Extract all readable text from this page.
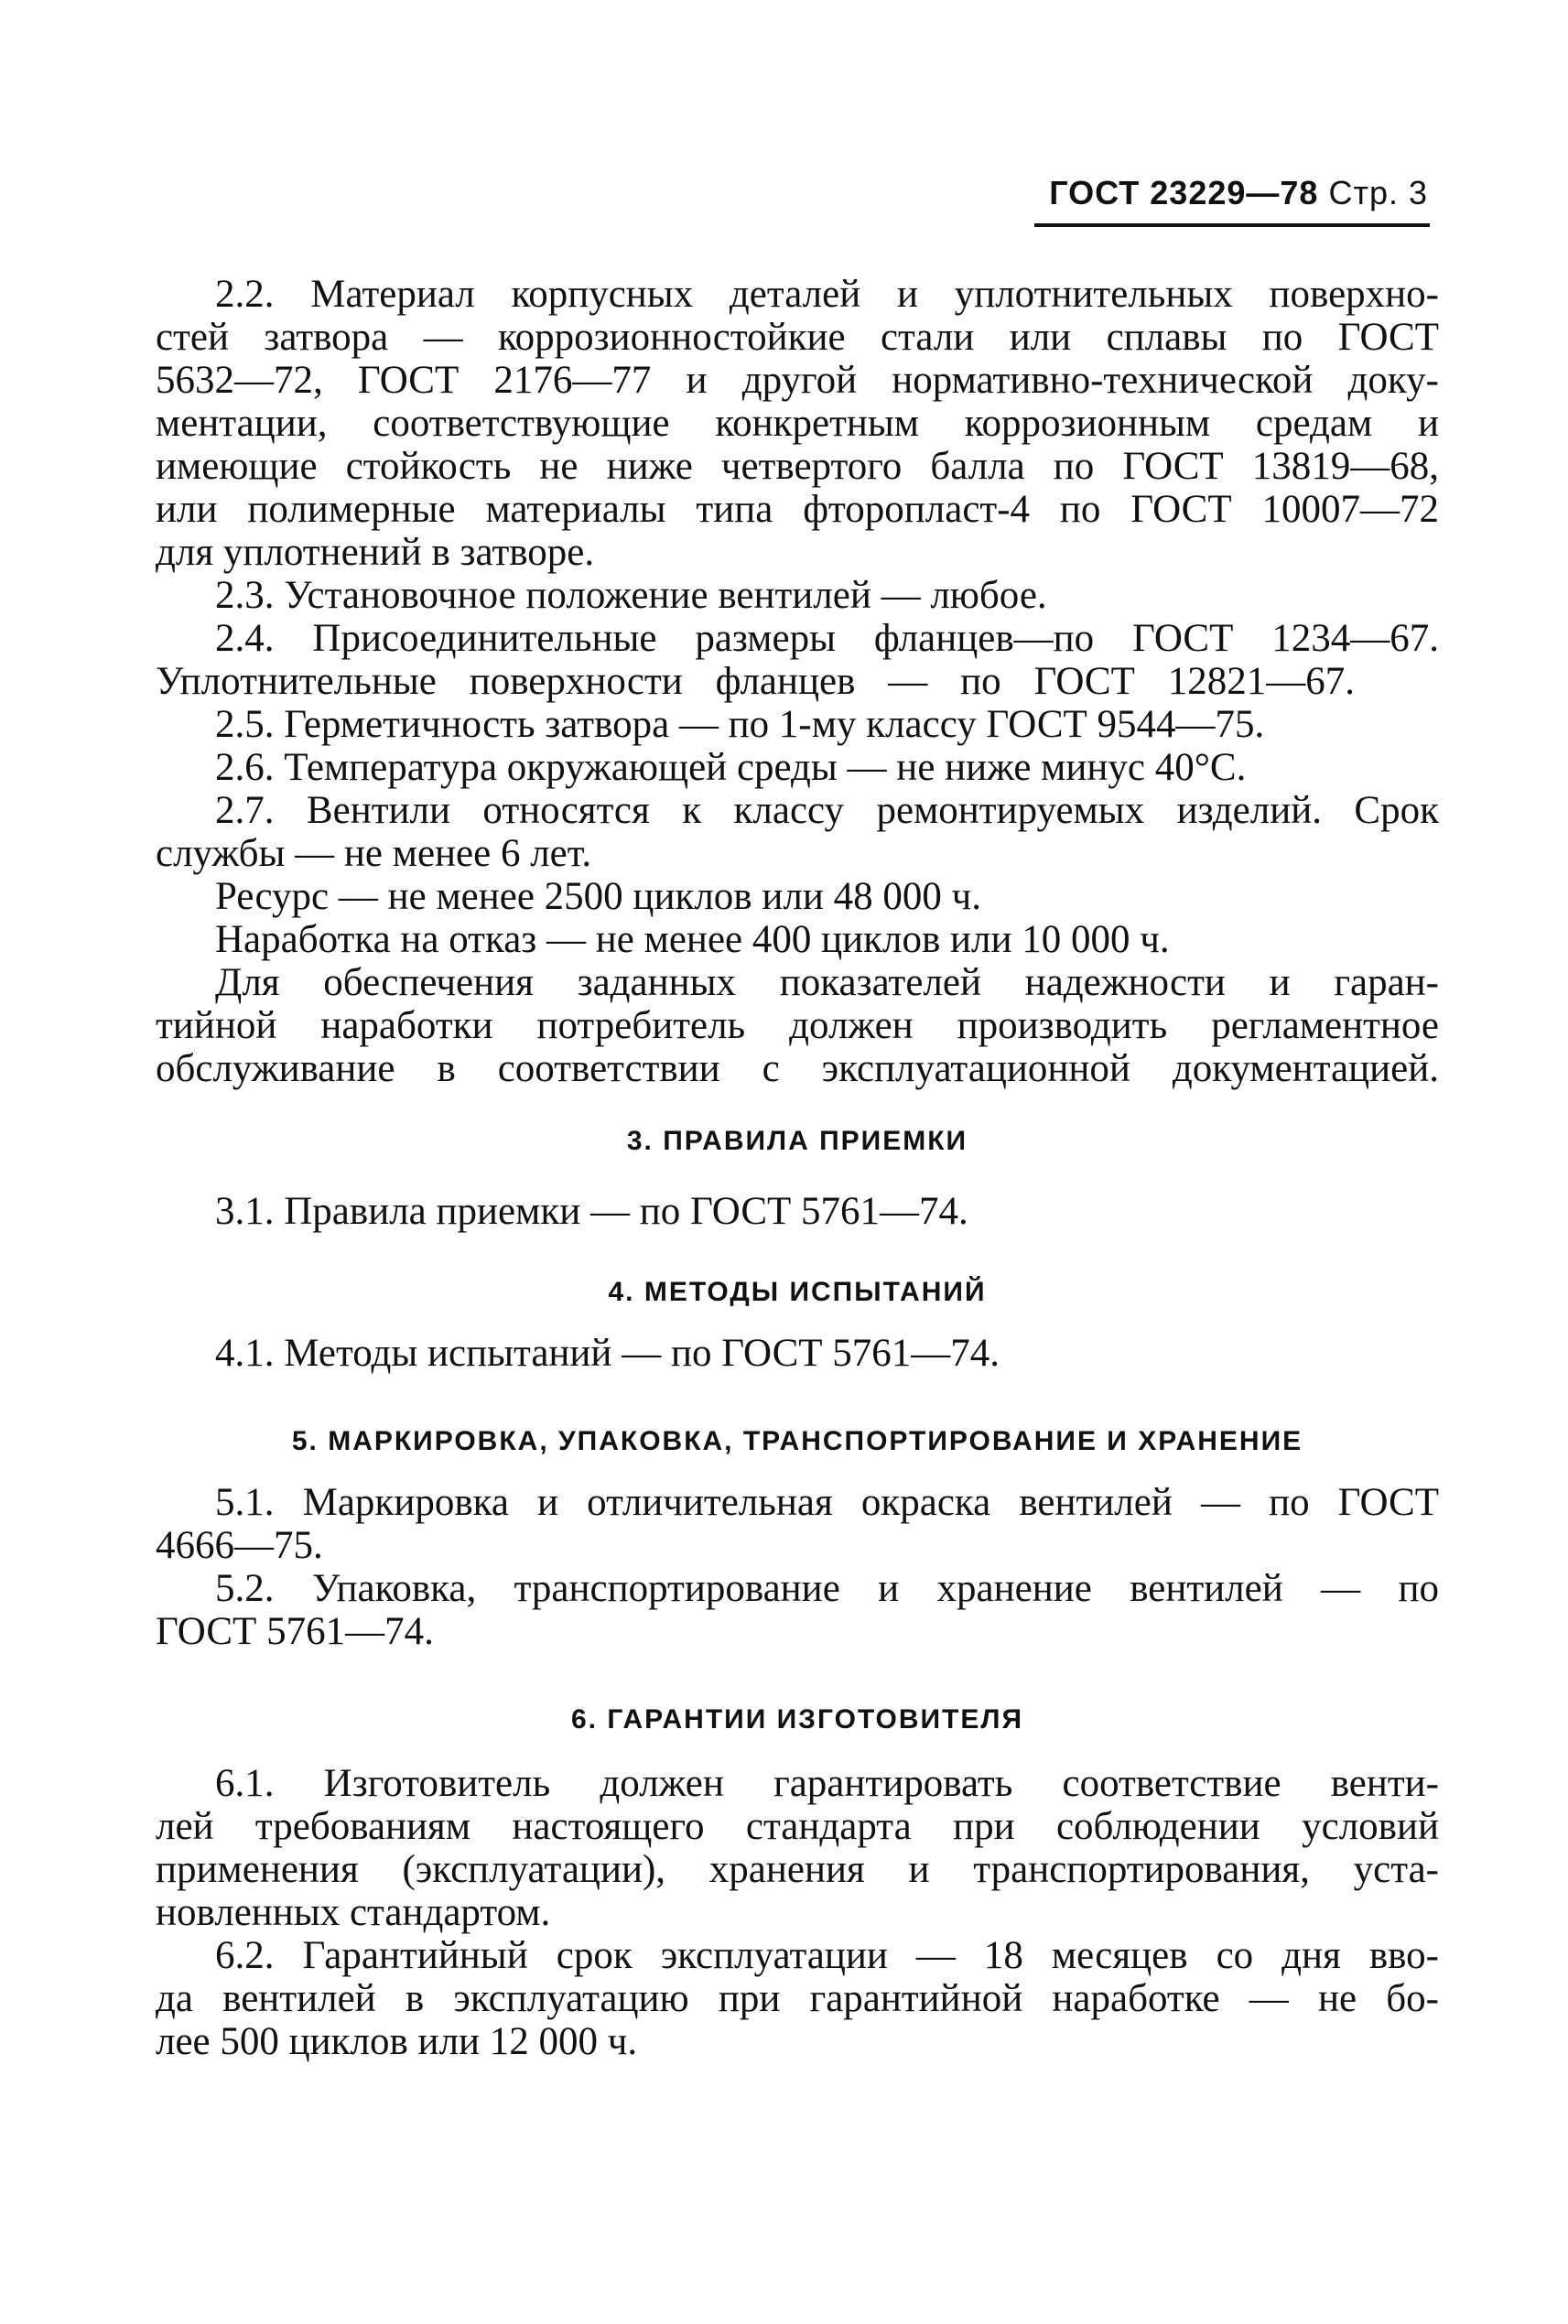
ГОСТ 23229—78 Стр. 3
2.2. Материал корпусных деталей и уплотнительных поверхно-
стей затвора — коррозионностойкие стали или сплавы по ГОСТ
5632—72, ГОСТ 2176—77 и другой нормативно-технической доку-
ментации, соответствующие конкретным коррозионным средам и
имеющие стойкость не ниже четвертого балла по ГОСТ 13819—68,
или полимерные материалы типа фторопласт-4 по ГОСТ 10007—72
для уплотнений в затворе.
2.3. Установочное положение вентилей — любое.
2.4. Присоединительные размеры фланцев—по ГОСТ 1234—67.
Уплотнительные поверхности фланцев — по ГОСТ 12821—67.
2.5. Герметичность затвора — по 1-му классу ГОСТ 9544—75.
2.6. Температура окружающей среды — не ниже минус 40°С.
2.7. Вентили относятся к классу ремонтируемых изделий. Срок
службы — не менее 6 лет.
Ресурс — не менее 2500 циклов или 48 000 ч.
Наработка на отказ — не менее 400 циклов или 10 000 ч.
Для обеспечения заданных показателей надежности и гаран-
тийной наработки потребитель должен производить регламентное
обслуживание в соответствии с эксплуатационной документацией.
3. ПРАВИЛА ПРИЕМКИ
3.1. Правила приемки — по ГОСТ 5761—74.
4. МЕТОДЫ ИСПЫТАНИЙ
4.1. Методы испытаний — по ГОСТ 5761—74.
5. МАРКИРОВКА, УПАКОВКА, ТРАНСПОРТИРОВАНИЕ И ХРАНЕНИЕ
5.1. Маркировка и отличительная окраска вентилей — по ГОСТ
4666—75.
5.2. Упаковка, транспортирование и хранение вентилей — по
ГОСТ 5761—74.
6. ГАРАНТИИ ИЗГОТОВИТЕЛЯ
6.1. Изготовитель должен гарантировать соответствие венти-
лей требованиям настоящего стандарта при соблюдении условий
применения (эксплуатации), хранения и транспортирования, уста-
новленных стандартом.
6.2. Гарантийный срок эксплуатации — 18 месяцев со дня вво-
да вентилей в эксплуатацию при гарантийной наработке — не бо-
лее 500 циклов или 12 000 ч.
